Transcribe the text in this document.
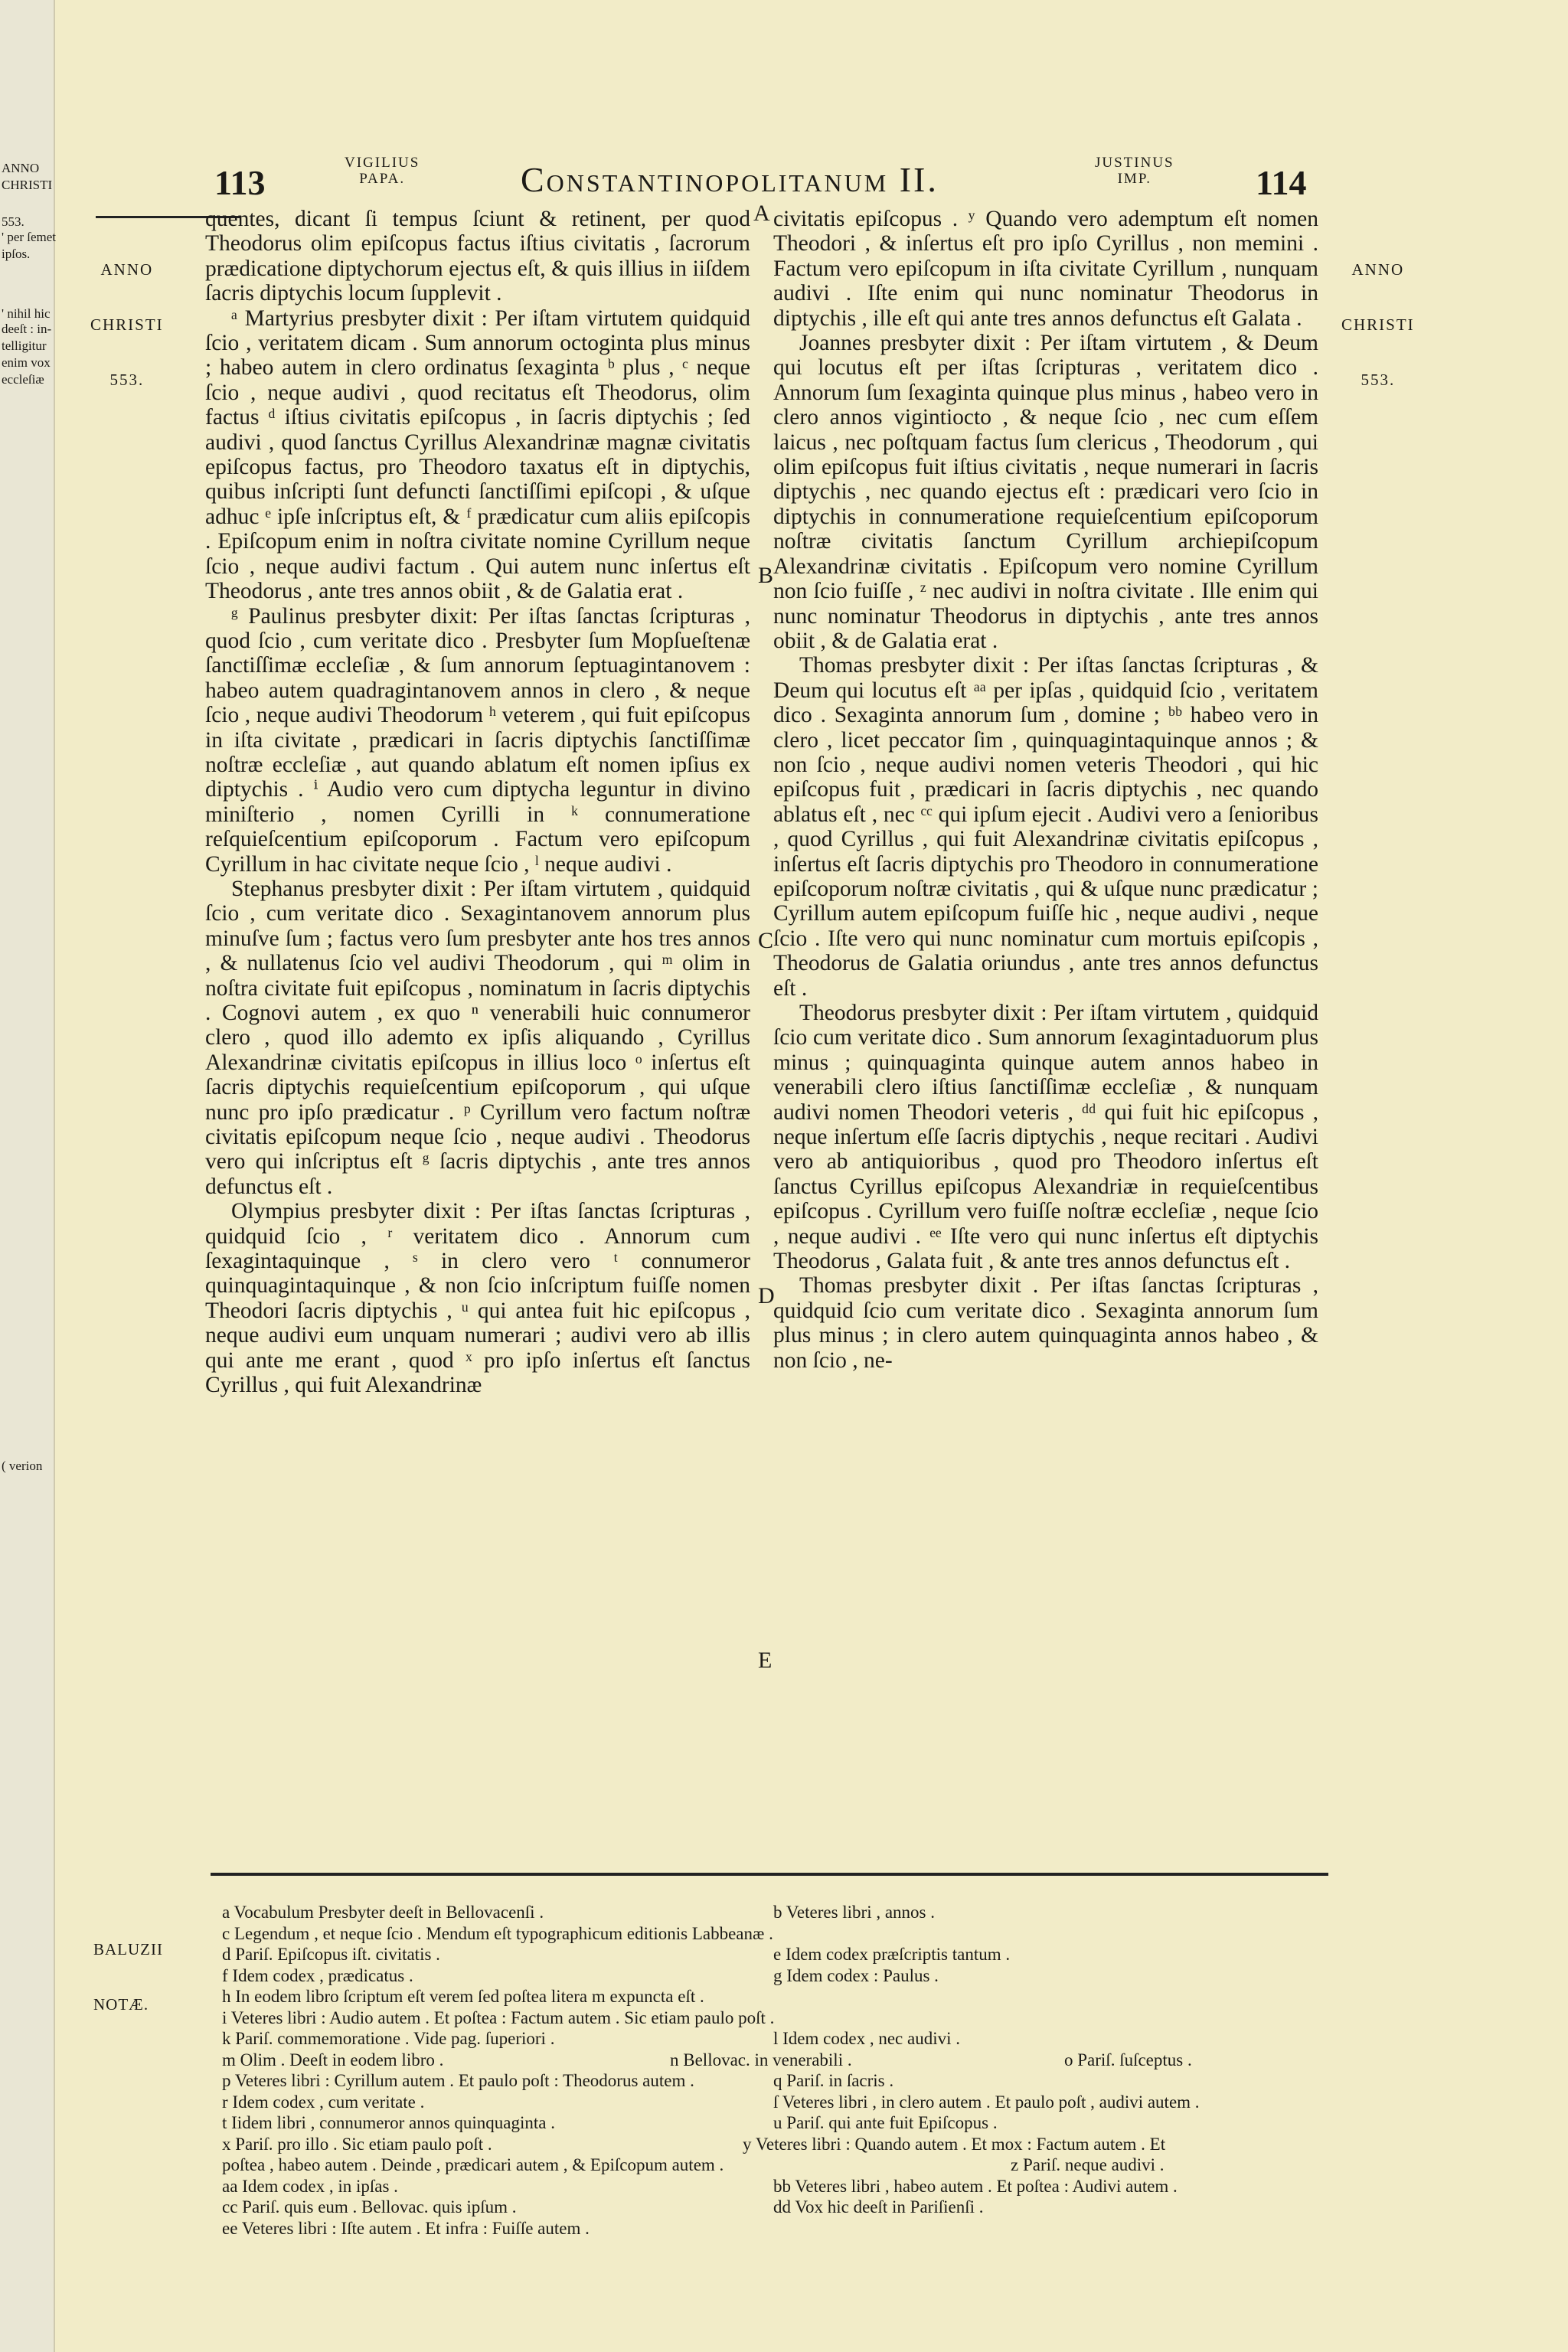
ANNO
CHRISTI
553.
' per ſemet
ipſos.
' nihil hic
deeſt : in-
telligitur
enim vox
eccleſiæ
( verion
113
VIGILIUS
PAPA.	Constantinopolitanum II.	JUSTINUS
IMP.	114

ANNO

CHRISTI

553.

ANNO

CHRISTI

553.

quentes, dicant ſi tempus ſciunt & retinent, per quod Theodorus olim epiſcopus factus iſtius civitatis , ſacrorum prædicatione diptychorum ejectus eſt, & quis illius in iiſdem ſacris diptychis locum ſupplevit .

ᵃ Martyrius presbyter dixit : Per iſtam virtutem quidquid ſcio , veritatem dicam . Sum annorum octoginta plus minus ; habeo autem in clero ordinatus ſexaginta ᵇ plus , ᶜ neque ſcio , neque audivi , quod recitatus eſt Theodorus, olim factus ᵈ iſtius civitatis epiſcopus , in ſacris diptychis ; ſed audivi , quod ſanctus Cyrillus Alexandrinæ magnæ civitatis epiſcopus factus, pro Theodoro taxatus eſt in diptychis, quibus inſcripti ſunt defuncti ſanctiſſimi epiſcopi , & uſque adhuc ᵉ ipſe inſcriptus eſt, & ᶠ prædicatur cum aliis epiſcopis . Epiſcopum enim in noſtra civitate nomine Cyrillum neque ſcio , neque audivi factum . Qui autem nunc inſertus eſt Theodorus , ante tres annos obiit , & de Galatia erat .

ᵍ Paulinus presbyter dixit: Per iſtas ſanctas ſcripturas , quod ſcio , cum veritate dico . Presbyter ſum Mopſueſtenæ ſanctiſſimæ eccleſiæ , & ſum annorum ſeptuagintanovem : habeo autem quadragintanovem annos in clero , & neque ſcio , neque audivi Theodorum ʰ veterem , qui fuit epiſcopus in iſta civitate , prædicari in ſacris diptychis ſanctiſſimæ noſtræ eccleſiæ , aut quando ablatum eſt nomen ipſius ex diptychis . ⁱ Audio vero cum diptycha leguntur in divino miniſterio , nomen Cyrilli in ᵏ connumeratione reſquieſcentium epiſcoporum . Factum vero epiſcopum Cyrillum in hac civitate neque ſcio , ˡ neque audivi .

Stephanus presbyter dixit : Per iſtam virtutem , quidquid ſcio , cum veritate dico . Sexagintanovem annorum plus minuſve ſum ; factus vero ſum presbyter ante hos tres annos , & nullatenus ſcio vel audivi Theodorum , qui ᵐ olim in noſtra civitate fuit epiſcopus , nominatum in ſacris diptychis . Cognovi autem , ex quo ⁿ venerabili huic connumeror clero , quod illo ademto ex ipſis aliquando , Cyrillus Alexandrinæ civitatis epiſcopus in illius loco ᵒ inſertus eſt ſacris diptychis requieſcentium epiſcoporum , qui uſque nunc pro ipſo prædicatur . ᵖ Cyrillum vero factum noſtræ civitatis epiſcopum neque ſcio , neque audivi . Theodorus vero qui inſcriptus eſt ᵍ ſacris diptychis , ante tres annos defunctus eſt .

Olympius presbyter dixit : Per iſtas ſanctas ſcripturas , quidquid ſcio , ʳ veritatem dico . Annorum cum ſexagintaquinque , ˢ in clero vero ᵗ connumeror quinquagintaquinque , & non ſcio inſcriptum fuiſſe nomen Theodori ſacris diptychis , ᵘ qui antea fuit hic epiſcopus , neque audivi eum unquam numerari ; audivi vero ab illis qui ante me erant , quod ˣ pro ipſo inſertus eſt ſanctus Cyrillus , qui fuit Alexandrinæ

civitatis epiſcopus . ʸ Quando vero ademptum eſt nomen Theodori , & inſertus eſt pro ipſo Cyrillus , non memini . Factum vero epiſcopum in iſta civitate Cyrillum , nunquam audivi . Iſte enim qui nunc nominatur Theodorus in diptychis , ille eſt qui ante tres annos defunctus eſt Galata .

Joannes presbyter dixit : Per iſtam virtutem , & Deum qui locutus eſt per iſtas ſcripturas , veritatem dico . Annorum ſum ſexaginta quinque plus minus , habeo vero in clero annos vigintiocto , & neque ſcio , nec cum eſſem laicus , nec poſtquam factus ſum clericus , Theodorum , qui olim epiſcopus fuit iſtius civitatis , neque numerari in ſacris diptychis , nec quando ejectus eſt : prædicari vero ſcio in diptychis in connumeratione requieſcentium epiſcoporum noſtræ civitatis ſanctum Cyrillum archiepiſcopum Alexandrinæ civitatis . Epiſcopum vero nomine Cyrillum non ſcio fuiſſe , ᶻ nec audivi in noſtra civitate . Ille enim qui nunc nominatur Theodorus in diptychis , ante tres annos obiit , & de Galatia erat .

Thomas presbyter dixit : Per iſtas ſanctas ſcripturas , & Deum qui locutus eſt ᵃᵃ per ipſas , quidquid ſcio , veritatem dico . Sexaginta annorum ſum , domine ; ᵇᵇ habeo vero in clero , licet peccator ſim , quinquagintaquinque annos ; & non ſcio , neque audivi nomen veteris Theodori , qui hic epiſcopus fuit , prædicari in ſacris diptychis , nec quando ablatus eſt , nec ᶜᶜ qui ipſum ejecit . Audivi vero a ſenioribus , quod Cyrillus , qui fuit Alexandrinæ civitatis epiſcopus , inſertus eſt ſacris diptychis pro Theodoro in connumeratione epiſcoporum noſtræ civitatis , qui & uſque nunc prædicatur ; Cyrillum autem epiſcopum fuiſſe hic , neque audivi , neque ſcio . Iſte vero qui nunc nominatur cum mortuis epiſcopis , Theodorus de Galatia oriundus , ante tres annos defunctus eſt .

Theodorus presbyter dixit : Per iſtam virtutem , quidquid ſcio cum veritate dico . Sum annorum ſexagintaduorum plus minus ; quinquaginta quinque autem annos habeo in venerabili clero iſtius ſanctiſſimæ eccleſiæ , & nunquam audivi nomen Theodori veteris , ᵈᵈ qui fuit hic epiſcopus , neque inſertum eſſe ſacris diptychis , neque recitari . Audivi vero ab antiquioribus , quod pro Theodoro inſertus eſt ſanctus Cyrillus epiſcopus Alexandriæ in requieſcentibus epiſcopus . Cyrillum vero fuiſſe noſtræ eccleſiæ , neque ſcio , neque audivi . ᵉᵉ Iſte vero qui nunc inſertus eſt diptychis Theodorus , Galata fuit , & ante tres annos defunctus eſt .

Thomas presbyter dixit . Per iſtas ſanctas ſcripturas , quidquid ſcio cum veritate dico . Sexaginta annorum ſum plus minus ; in clero autem quinquaginta annos habeo , & non ſcio , ne-

A
B
C
D
E

BALUZII

NOTÆ.

a Vocabulum Presbyter deeſt in Bellovacenſi .	b Veteres libri , annos .
c Legendum , et neque ſcio . Mendum eſt typographicum editionis Labbeanæ .
d Pariſ. Epiſcopus iſt. civitatis .	e Idem codex præſcriptis tantum .
f Idem codex , prædicatus .	g Idem codex : Paulus .
h In eodem libro ſcriptum eſt verem ſed poſtea litera m expuncta eſt .
i Veteres libri : Audio autem . Et poſtea : Factum autem . Sic etiam paulo poſt .
k Pariſ. commemoratione . Vide pag. ſuperiori .	l Idem codex , nec audivi .
m Olim . Deeſt in eodem libro .	n Bellovac. in venerabili .	o Pariſ. ſuſceptus .
p Veteres libri : Cyrillum autem . Et paulo poſt : Theodorus autem .	q Pariſ. in ſacris .
r Idem codex , cum veritate .	ſ Veteres libri , in clero autem . Et paulo poſt , audivi autem .
t Iidem libri , connumeror annos quinquaginta .	u Pariſ. qui ante fuit Epiſcopus .
x Pariſ. pro illo . Sic etiam paulo poſt .	y Veteres libri : Quando autem . Et mox : Factum autem . Et
poſtea , habeo autem . Deinde , prædicari autem , & Epiſcopum autem .	z Pariſ. neque audivi .
aa Idem codex , in ipſas .	bb Veteres libri , habeo autem . Et poſtea : Audivi autem .
cc Pariſ. quis eum . Bellovac. quis ipſum .	dd Vox hic deeſt in Pariſienſi .
ee Veteres libri : Iſte autem . Et infra : Fuiſſe autem .
